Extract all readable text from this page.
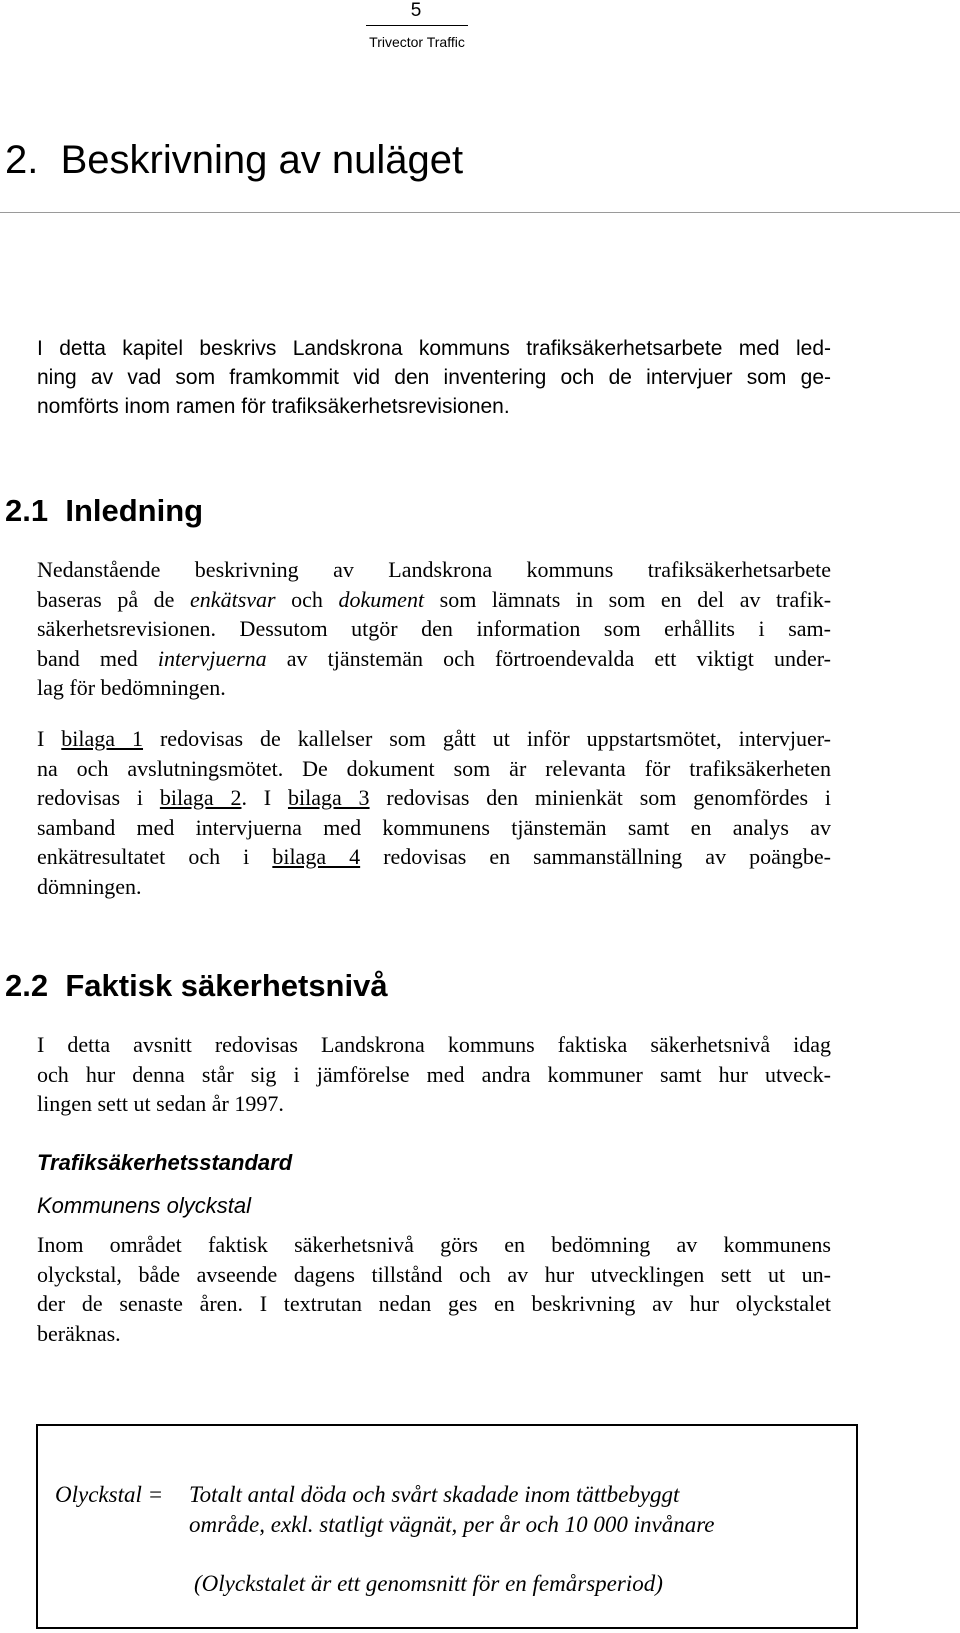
5
Trivector Traffic
2. Beskrivning av nuläget
I detta kapitel beskrivs Landskrona kommuns trafiksäkerhetsarbete med led-
ning av vad som framkommit vid den inventering och de intervjuer som ge-
nomförts inom ramen för trafiksäkerhetsrevisionen.
2.1 Inledning
Nedanstående beskrivning av Landskrona kommuns trafiksäkerhetsarbete
baseras på de enkätsvar och dokument som lämnats in som en del av trafik-
säkerhetsrevisionen. Dessutom utgör den information som erhållits i sam-
band med intervjuerna av tjänstemän och förtroendevalda ett viktigt under-
lag för bedömningen.
I bilaga 1 redovisas de kallelser som gått ut inför uppstartsmötet, intervjuer-
na och avslutningsmötet. De dokument som är relevanta för trafiksäkerheten
redovisas i bilaga 2. I bilaga 3 redovisas den minienkät som genomfördes i
samband med intervjuerna med kommunens tjänstemän samt en analys av
enkätresultatet och i bilaga 4 redovisas en sammanställning av poängbe-
dömningen.
2.2 Faktisk säkerhetsnivå
I detta avsnitt redovisas Landskrona kommuns faktiska säkerhetsnivå idag
och hur denna står sig i jämförelse med andra kommuner samt hur utveck-
lingen sett ut sedan år 1997.
Trafiksäkerhetsstandard
Kommunens olyckstal
Inom området faktisk säkerhetsnivå görs en bedömning av kommunens
olyckstal, både avseende dagens tillstånd och av hur utvecklingen sett ut un-
der de senaste åren. I textrutan nedan ges en beskrivning av hur olyckstalet
beräknas.
Olyckstal = Totalt antal döda och svårt skadade inom tättbebyggt
område, exkl. statligt vägnät, per år och 10 000 invånare
(Olyckstalet är ett genomsnitt för en femårsperiod)
